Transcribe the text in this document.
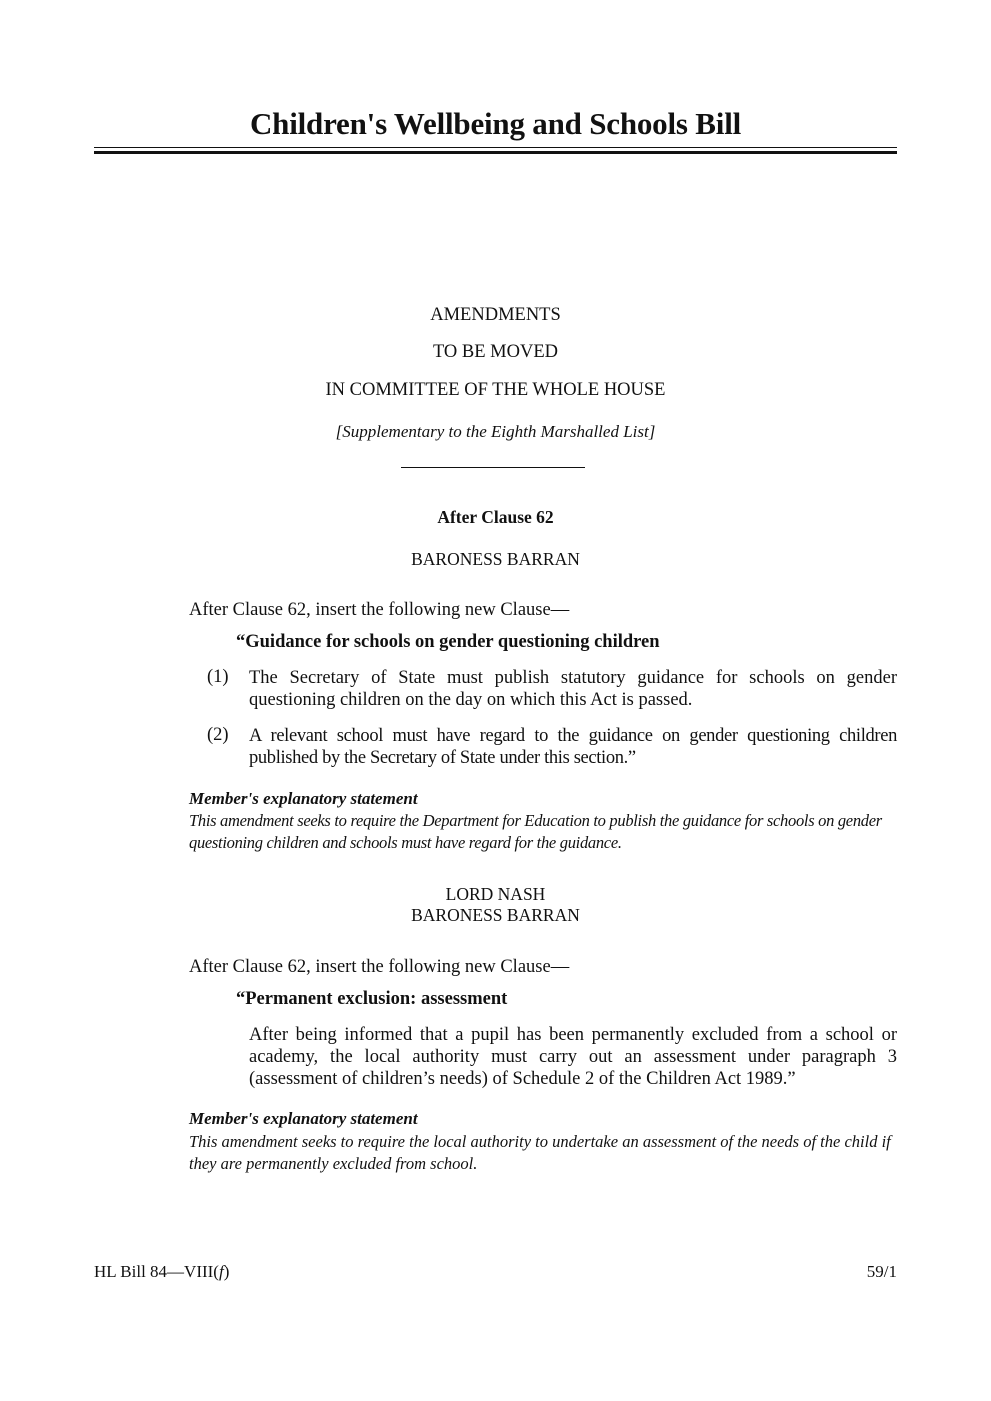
Children's Wellbeing and Schools Bill
AMENDMENTS
TO BE MOVED
IN COMMITTEE OF THE WHOLE HOUSE
[Supplementary to the Eighth Marshalled List]
After Clause 62
BARONESS BARRAN
After Clause 62, insert the following new Clause—
“Guidance for schools on gender questioning children
(1) The Secretary of State must publish statutory guidance for schools on gender questioning children on the day on which this Act is passed.
(2) A relevant school must have regard to the guidance on gender questioning children published by the Secretary of State under this section.”
Member's explanatory statement
This amendment seeks to require the Department for Education to publish the guidance for schools on gender questioning children and schools must have regard for the guidance.
LORD NASH
BARONESS BARRAN
After Clause 62, insert the following new Clause—
“Permanent exclusion: assessment
After being informed that a pupil has been permanently excluded from a school or academy, the local authority must carry out an assessment under paragraph 3 (assessment of children’s needs) of Schedule 2 of the Children Act 1989.”
Member's explanatory statement
This amendment seeks to require the local authority to undertake an assessment of the needs of the child if they are permanently excluded from school.
HL Bill 84—VIII(f)	59/1
